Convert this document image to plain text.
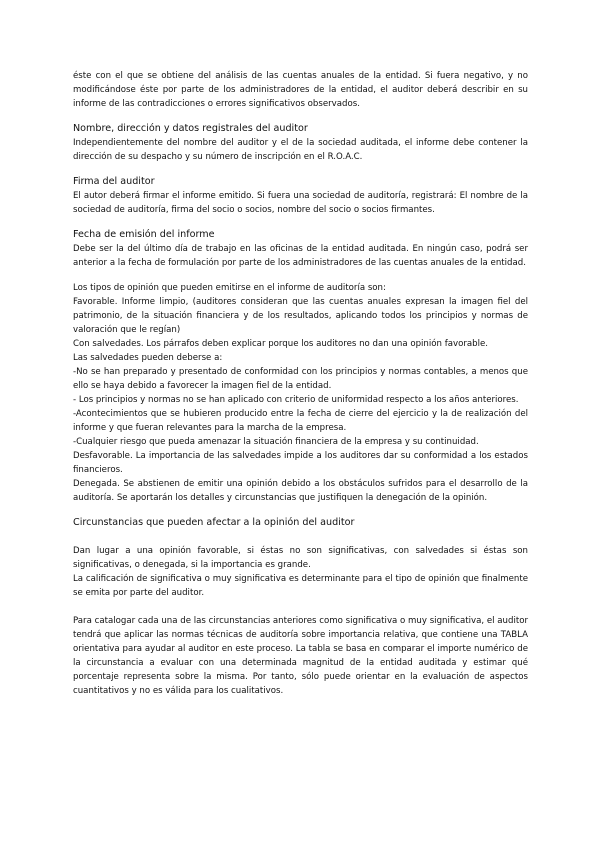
éste con el que se obtiene del análisis de las cuentas anuales de la entidad. Si fuera negativo, y no modificándose éste por parte de los administradores de la entidad, el auditor deberá describir en su informe de las contradicciones o errores significativos observados.

Nombre, dirección y datos registrales del auditor

Independientemente del nombre del auditor y el de la sociedad auditada, el informe debe contener la dirección de su despacho y su número de inscripción en el R.O.A.C.

Firma del auditor

El autor deberá firmar el informe emitido. Si fuera una sociedad de auditoría, registrará: El nombre de la sociedad de auditoría, firma del socio o socios, nombre del socio o socios firmantes.

Fecha de emisión del informe

Debe ser la del último día de trabajo en las oficinas de la entidad auditada. En ningún caso, podrá ser anterior a la fecha de formulación por parte de los administradores de las cuentas anuales de la entidad.

Los tipos de opinión que pueden emitirse en el informe de auditoría son:

Favorable. Informe limpio, (auditores consideran que las cuentas anuales expresan la imagen fiel del patrimonio, de la situación financiera y de los resultados, aplicando todos los principios y normas de valoración que le regían)

Con salvedades. Los párrafos deben explicar porque los auditores no dan una opinión favorable.

Las salvedades pueden deberse a:

-No se han preparado y presentado de conformidad con los principios y normas contables, a menos que ello se haya debido a favorecer la imagen fiel de la entidad.

- Los principios y normas no se han aplicado con criterio de uniformidad respecto a los años anteriores.

-Acontecimientos que se hubieren producido entre la fecha de cierre del ejercicio y la de realización del informe y que fueran relevantes para la marcha de la empresa.

-Cualquier riesgo que pueda amenazar la situación financiera de la empresa y su continuidad.

Desfavorable. La importancia de las salvedades impide a los auditores dar su conformidad a los estados financieros.

Denegada. Se abstienen de emitir una opinión debido a los obstáculos sufridos para el desarrollo de la auditoría. Se aportarán los detalles y circunstancias que justifiquen la denegación de la opinión.

Circunstancias que pueden afectar a la opinión del auditor

Dan lugar a una opinión favorable, si éstas no son significativas, con salvedades si éstas son significativas, o denegada, si la importancia es grande.

La calificación de significativa o muy significativa es determinante para el tipo de opinión que finalmente se emita por parte del auditor.

Para catalogar cada una de las circunstancias anteriores como significativa o muy significativa, el auditor tendrá que aplicar las normas técnicas de auditoría sobre importancia relativa, que contiene una TABLA orientativa para ayudar al auditor en este proceso. La tabla se basa en comparar el importe numérico de la circunstancia a evaluar con una determinada magnitud de la entidad auditada y estimar qué porcentaje representa sobre la misma. Por tanto, sólo puede orientar en la evaluación de aspectos cuantitativos y no es válida para los cualitativos.
